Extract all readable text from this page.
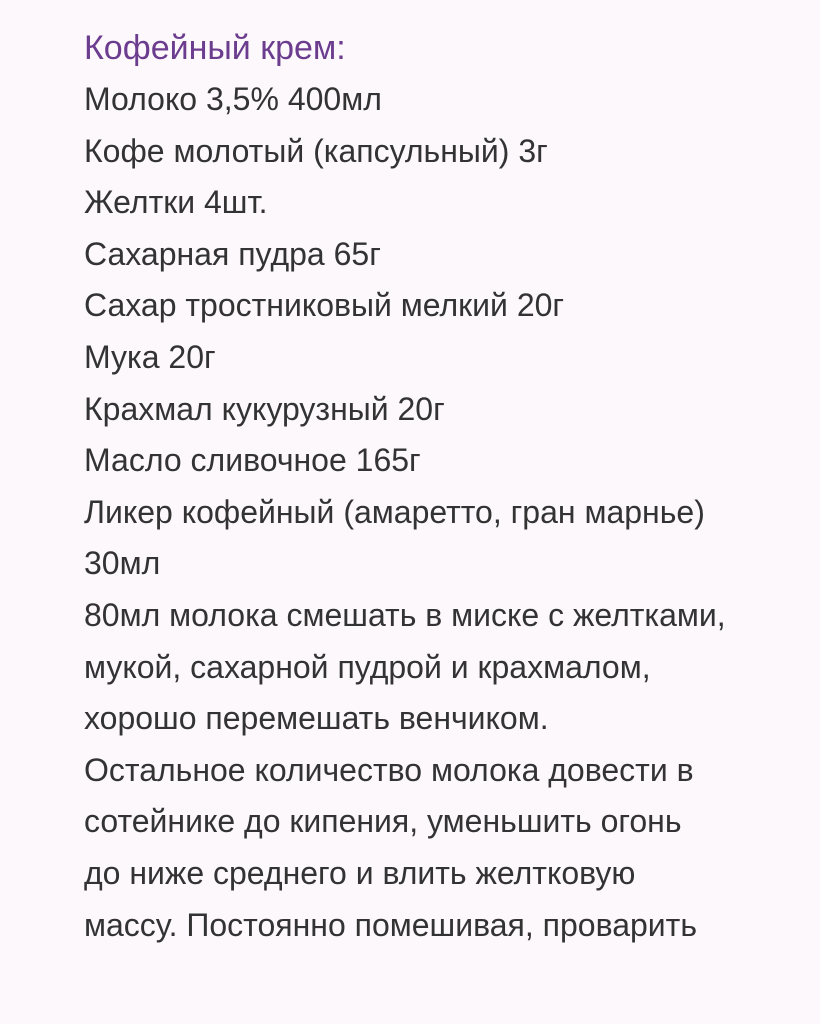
Кофейный крем:

Молоко 3,5% 400мл

Кофе молотый (капсульный) 3г

Желтки 4шт.

Сахарная пудра 65г

Сахар тростниковый мелкий 20г

Мука 20г

Крахмал кукурузный 20г

Масло сливочное 165г

Ликер кофейный (амаретто, гран марнье)

30мл

80мл молока смешать в миске с желтками,

мукой, сахарной пудрой и крахмалом,

хорошо перемешать венчиком.

Остальное количество молока довести в

сотейнике до кипения, уменьшить огонь

до ниже среднего и влить желтковую

массу. Постоянно помешивая, проварить
